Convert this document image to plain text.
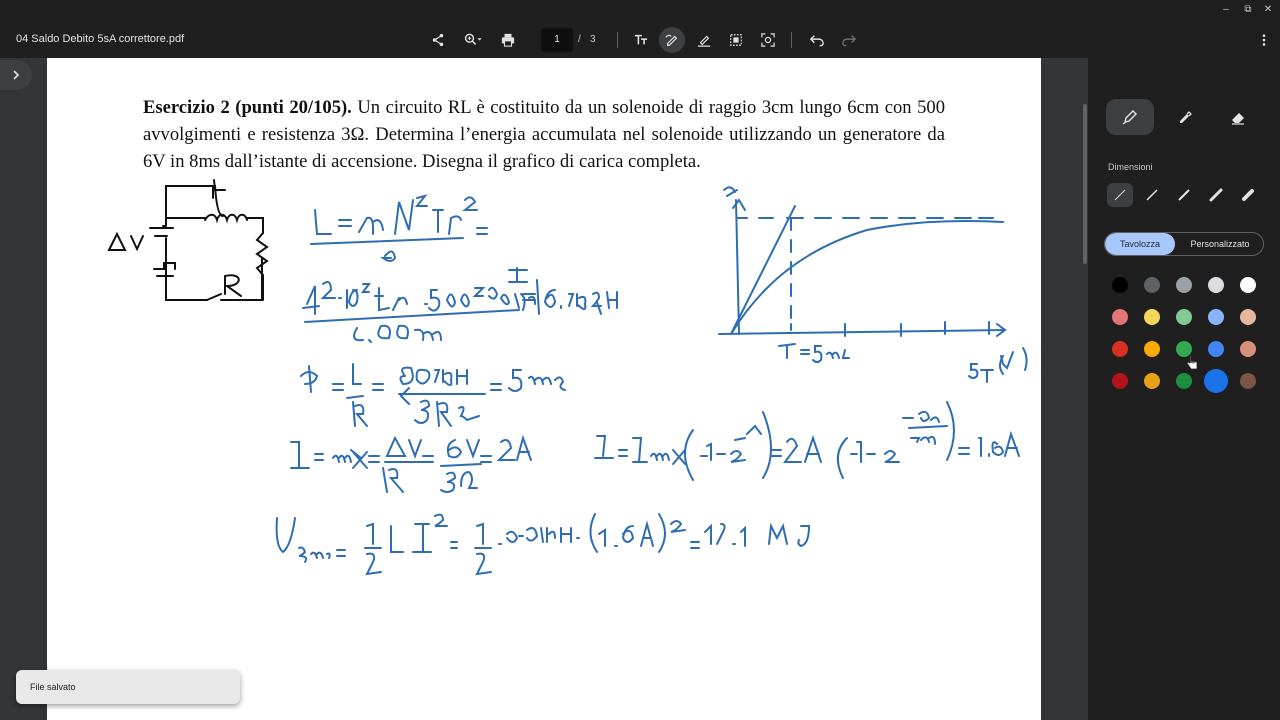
–	⧉ ✕
04 Saldo Debito 5sA correttore.pdf	1	/ 3
Esercizio 2 (punti 20/105). Un circuito RL è costituito da un solenoide di raggio 3cm lungo 6cm con 500 avvolgimenti e resistenza 3Ω. Determina l’energia accumulata nel solenoide utilizzando un generatore da 6V in 8ms dall’istante di accensione. Disegna il grafico di carica completa.	Dimensioni
Tavolozza	Personalizzato
File salvato
